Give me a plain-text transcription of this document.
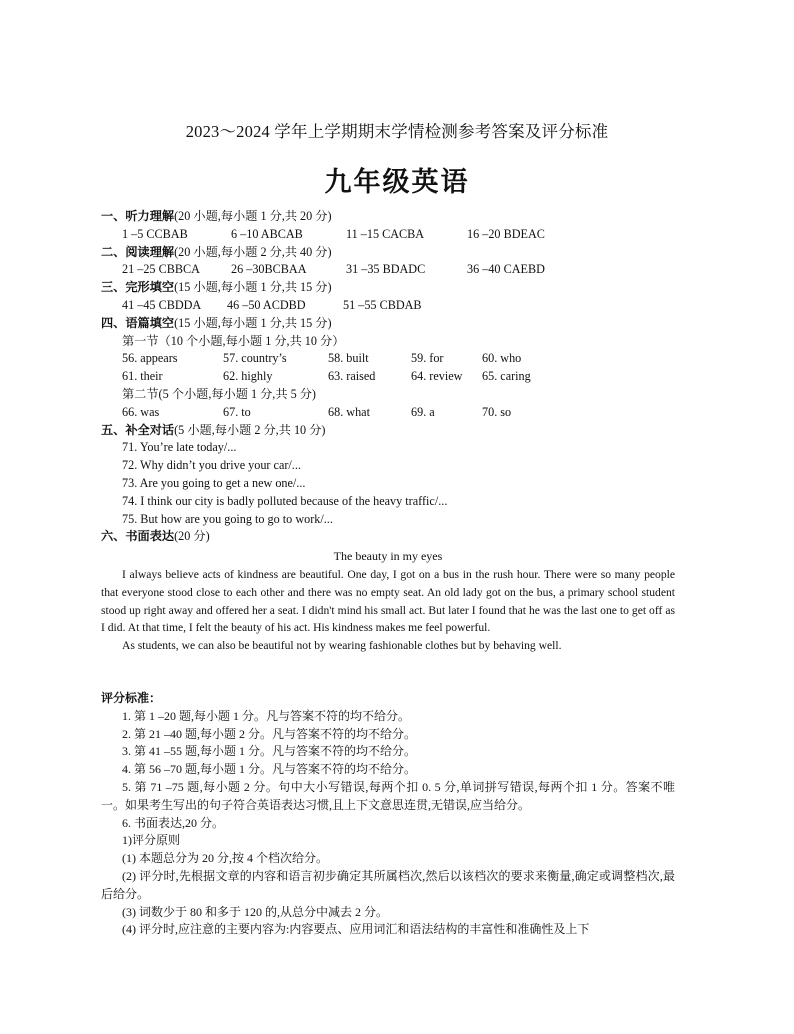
2023～2024 学年上学期期末学情检测参考答案及评分标准
九年级英语
一、听力理解(20 小题,每小题 1 分,共 20 分)
1 –5 CCBAB	6 –10 ABCAB	11 –15 CACBA	16 –20 BDEAC
二、阅读理解(20 小题,每小题 2 分,共 40 分)
21 –25 CBBCA	26 –30BCBAA	31 –35 BDADC	36 –40 CAEBD
三、完形填空(15 小题,每小题 1 分,共 15 分)
41 –45 CBDDA 46 –50 ACDBD	51 –55 CBDAB
四、语篇填空(15 小题,每小题 1 分,共 15 分)
第一节（10 个小题,每小题 1 分,共 10 分）
56. appears	57. country’s	58. built	59. for	60. who
61. their	62. highly	63. raised	64. review 65. caring
第二节(5 个小题,每小题 1 分,共 5 分)
66. was	67. to	68. what	69. a	70. so
五、补全对话(5 小题,每小题 2 分,共 10 分)
71. You’re late today/...
72. Why didn’t you drive your car/...
73. Are you going to get a new one/...
74. I think our city is badly polluted because of the heavy traffic/...
75. But how are you going to go to work/...
六、书面表达(20 分)
The beauty in my eyes
I always believe acts of kindness are beautiful. One day, I got on a bus in the rush hour. There were so many people that everyone stood close to each other and there was no empty seat. An old lady got on the bus, a primary school student stood up right away and offered her a seat. I didn't mind his small act. But later I found that he was the last one to get off as I did. At that time, I felt the beauty of his act. His kindness makes me feel powerful.
As students, we can also be beautiful not by wearing fashionable clothes but by behaving well.
评分标准：
1. 第 1 –20 题,每小题 1 分。凡与答案不符的均不给分。
2. 第 21 –40 题,每小题 2 分。凡与答案不符的均不给分。
3. 第 41 –55 题,每小题 1 分。凡与答案不符的均不给分。
4. 第 56 –70 题,每小题 1 分。凡与答案不符的均不给分。
5. 第 71 –75 题,每小题 2 分。句中大小写错误,每两个扣 0. 5 分,单词拼写错误,每两个扣 1 分。答案不唯一。如果考生写出的句子符合英语表达习惯,且上下文意思连贯,无错误,应当给分。
6. 书面表达,20 分。
1)评分原则
(1) 本题总分为 20 分,按 4 个档次给分。
(2) 评分时,先根据文章的内容和语言初步确定其所属档次,然后以该档次的要求来衡量,确定或调整档次,最后给分。
(3) 词数少于 80 和多于 120 的,从总分中减去 2 分。
(4) 评分时,应注意的主要内容为:内容要点、应用词汇和语法结构的丰富性和准确性及上下
